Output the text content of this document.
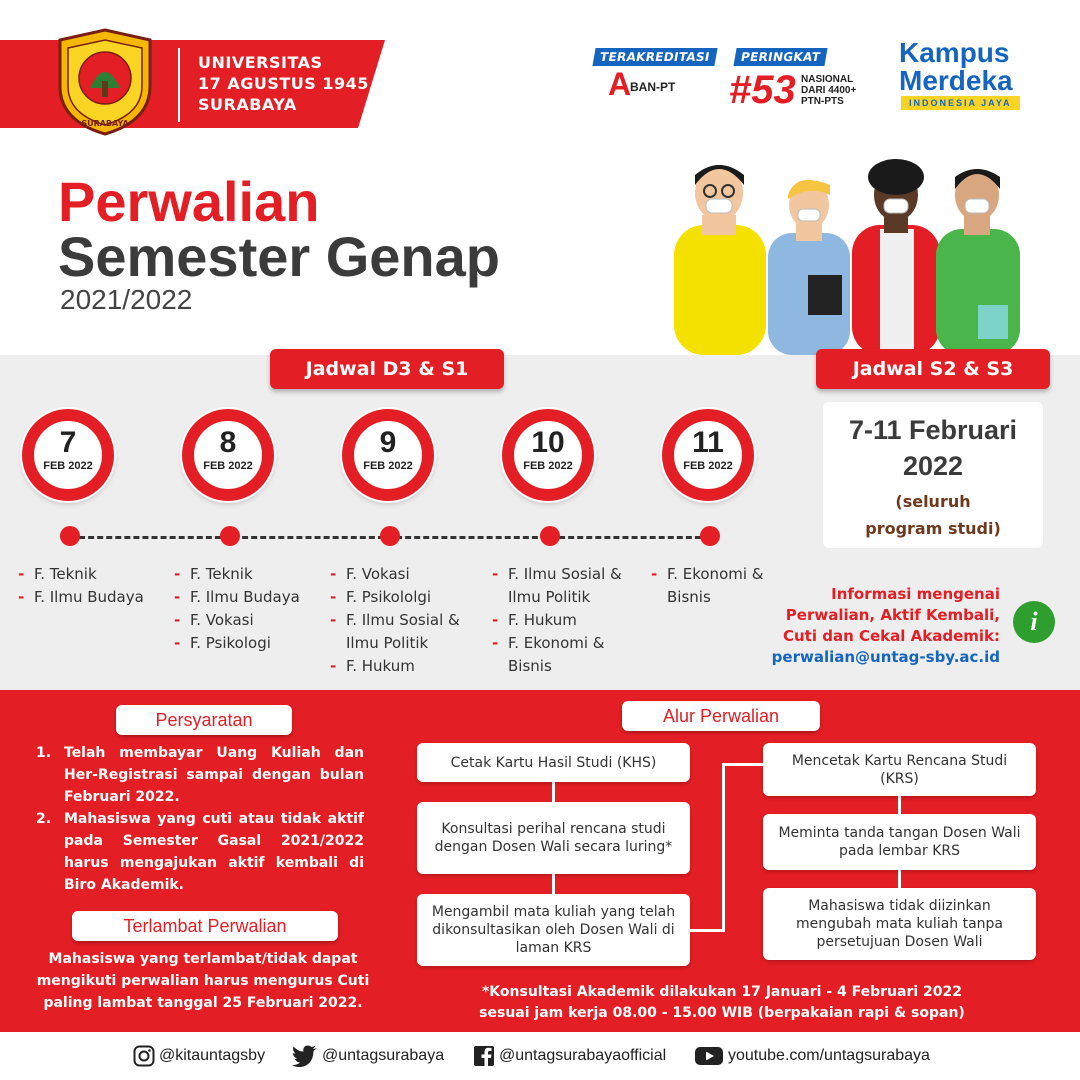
SURABAYA
UNIVERSITAS
17 AGUSTUS 1945
SURABAYA
TERAKREDITASI
A
BAN-PT
PERINGKAT
#53 NASIONAL
DARI 4400+
PTN-PTS
Kampus
Merdeka
INDONESIA JAYA
Perwalian
Semester Genap
2021/2022
Jadwal D3 & S1	Jadwal S2 & S3
7
FEB 2022
8
FEB 2022
9
FEB 2022
10
FEB 2022
11
FEB 2022
- F. Teknik
- F. Ilmu Budaya
- F. Teknik
- F. Ilmu Budaya
- F. Vokasi
- F. Psikologi
- F. Vokasi
- F. Psikololgi
- F. Ilmu Sosial & Ilmu Politik
- F. Hukum
- F. Ilmu Sosial & Ilmu Politik
- F. Hukum
- F. Ekonomi & Bisnis
- F. Ekonomi & Bisnis
7-11 Februari
2022
(seluruh
program studi)
Informasi mengenai
Perwalian, Aktif Kembali,
Cuti dan Cekal Akademik:
perwalian@untag-sby.ac.id
i
Persyaratan
1. Telah membayar Uang Kuliah dan Her-Registrasi sampai dengan bulan Februari 2022.
2. Mahasiswa yang cuti atau tidak aktif pada Semester Gasal 2021/2022 harus mengajukan aktif kembali di Biro Akademik.
Terlambat Perwalian
Mahasiswa yang terlambat/tidak dapat mengikuti perwalian harus mengurus Cuti paling lambat tanggal 25 Februari 2022.
Alur Perwalian
Cetak Kartu Hasil Studi (KHS)
Konsultasi perihal rencana studi dengan Dosen Wali secara luring*
Mengambil mata kuliah yang telah dikonsultasikan oleh Dosen Wali di laman KRS
Mencetak Kartu Rencana Studi (KRS)
Meminta tanda tangan Dosen Wali pada lembar KRS
Mahasiswa tidak diizinkan mengubah mata kuliah tanpa persetujuan Dosen Wali
*Konsultasi Akademik dilakukan 17 Januari - 4 Februari 2022
sesuai jam kerja 08.00 - 15.00 WIB (berpakaian rapi & sopan)
@kitauntagsby	@untagsurabaya	@untagsurabayaofficial	youtube.com/untagsurabaya
